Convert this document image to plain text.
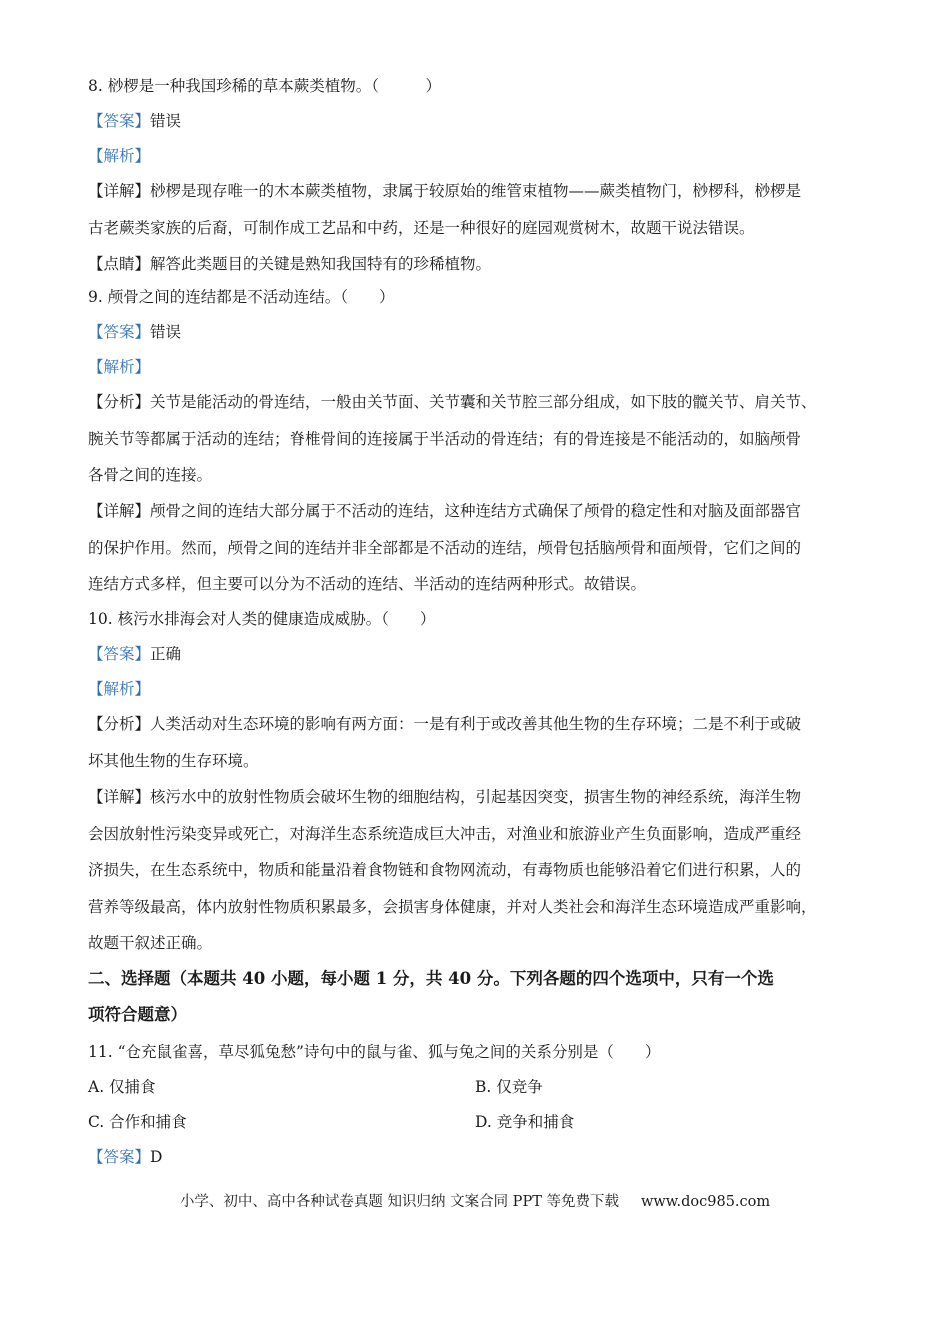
8. 桫椤是一种我国珍稀的草本蕨类植物。（　　　）
【答案】错误
【解析】
【详解】桫椤是现存唯一的木本蕨类植物，隶属于较原始的维管束植物——蕨类植物门，桫椤科，桫椤是
古老蕨类家族的后裔，可制作成工艺品和中药，还是一种很好的庭园观赏树木，故题干说法错误。
【点睛】解答此类题目的关键是熟知我国特有的珍稀植物。
9. 颅骨之间的连结都是不活动连结。（　　）
【答案】错误
【解析】
【分析】关节是能活动的骨连结，一般由关节面、关节囊和关节腔三部分组成，如下肢的髋关节、肩关节、
腕关节等都属于活动的连结；脊椎骨间的连接属于半活动的骨连结；有的骨连接是不能活动的，如脑颅骨
各骨之间的连接。
【详解】颅骨之间的连结大部分属于不活动的连结，这种连结方式确保了颅骨的稳定性和对脑及面部器官
的保护作用。然而，颅骨之间的连结并非全部都是不活动的连结，颅骨包括脑颅骨和面颅骨，它们之间的
连结方式多样，但主要可以分为不活动的连结、半活动的连结两种形式。故错误。
10. 核污水排海会对人类的健康造成威胁。（　　）
【答案】正确
【解析】
【分析】人类活动对生态环境的影响有两方面：一是有利于或改善其他生物的生存环境；二是不利于或破
坏其他生物的生存环境。
【详解】核污水中的放射性物质会破坏生物的细胞结构，引起基因突变，损害生物的神经系统，海洋生物
会因放射性污染变异或死亡，对海洋生态系统造成巨大冲击，对渔业和旅游业产生负面影响，造成严重经
济损失，在生态系统中，物质和能量沿着食物链和食物网流动，有毒物质也能够沿着它们进行积累，人的
营养等级最高，体内放射性物质积累最多，会损害身体健康，并对人类社会和海洋生态环境造成严重影响，
故题干叙述正确。
二、选择题（本题共 40 小题，每小题 1 分，共 40 分。下列各题的四个选项中，只有一个选
项符合题意）
11. “仓充鼠雀喜，草尽狐兔愁”诗句中的鼠与雀、狐与兔之间的关系分别是（　　）
A. 仅捕食	B. 仅竞争
C. 合作和捕食	D. 竞争和捕食
【答案】D
小学、初中、高中各种试卷真题 知识归纳 文案合同 PPT 等免费下载 www.doc985.com
